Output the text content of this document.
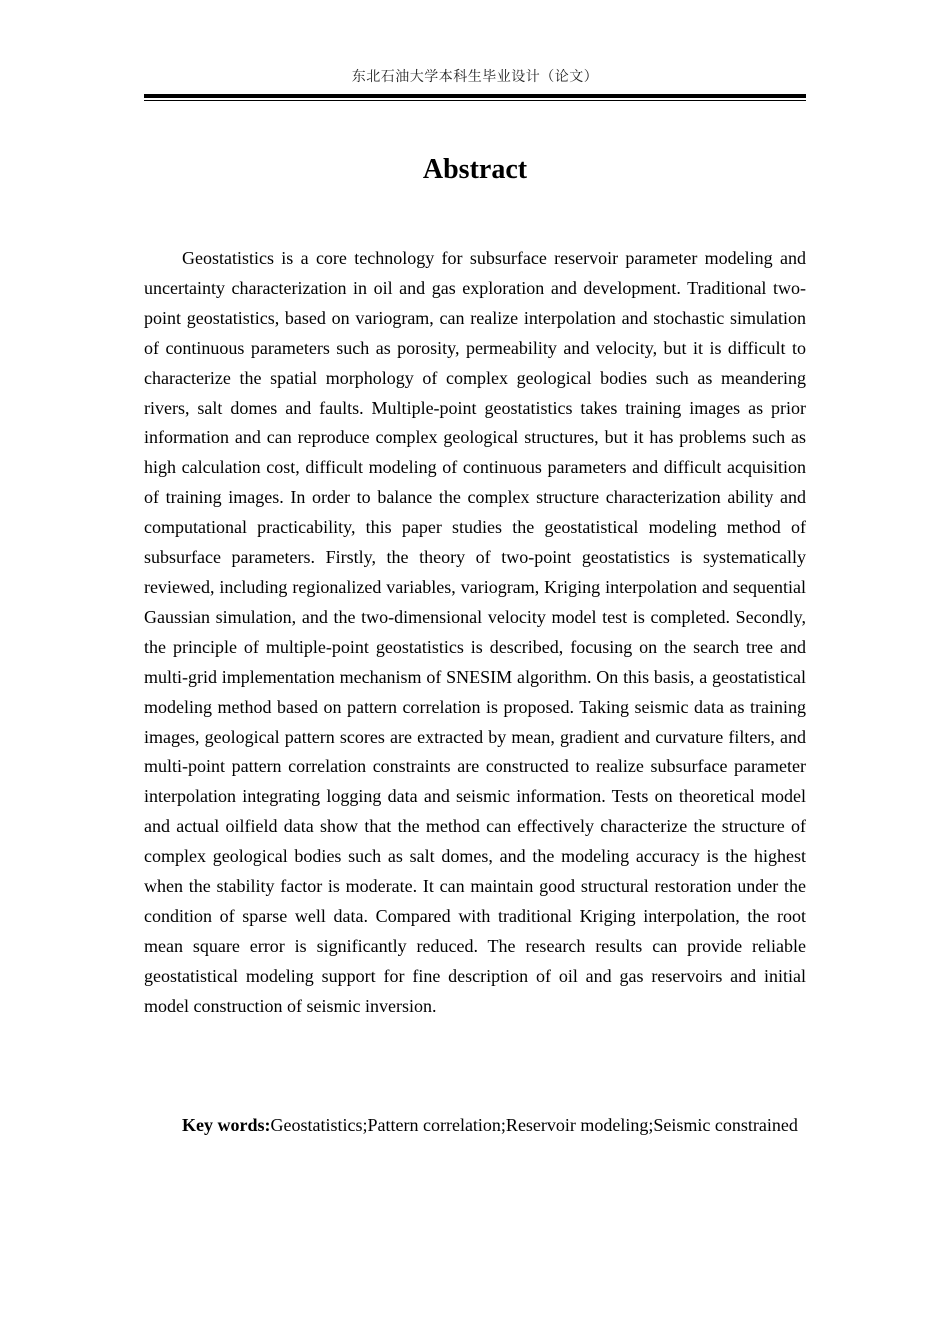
东北石油大学本科生毕业设计（论文）
Abstract

Geostatistics is a core technology for subsurface reservoir parameter modeling and uncertainty characterization in oil and gas exploration and development. Traditional two-point geostatistics, based on variogram, can realize interpolation and stochastic simulation of continuous parameters such as porosity, permeability and velocity, but it is difficult to characterize the spatial morphology of complex geological bodies such as meandering rivers, salt domes and faults. Multiple-point geostatistics takes training images as prior information and can reproduce complex geological structures, but it has problems such as high calculation cost, difficult modeling of continuous parameters and difficult acquisition of training images. In order to balance the complex structure characterization ability and computational practicability, this paper studies the geostatistical modeling method of subsurface parameters. Firstly, the theory of two-point geostatistics is systematically reviewed, including regionalized variables, variogram, Kriging interpolation and sequential Gaussian simulation, and the two-dimensional velocity model test is completed. Secondly, the principle of multiple-point geostatistics is described, focusing on the search tree and multi-grid implementation mechanism of SNESIM algorithm. On this basis, a geostatistical modeling method based on pattern correlation is proposed. Taking seismic data as training images, geological pattern scores are extracted by mean, gradient and curvature filters, and multi-point pattern correlation constraints are constructed to realize subsurface parameter interpolation integrating logging data and seismic information. Tests on theoretical model and actual oilfield data show that the method can effectively characterize the structure of complex geological bodies such as salt domes, and the modeling accuracy is the highest when the stability factor is moderate. It can maintain good structural restoration under the condition of sparse well data. Compared with traditional Kriging interpolation, the root mean square error is significantly reduced. The research results can provide reliable geostatistical modeling support for fine description of oil and gas reservoirs and initial model construction of seismic inversion.

Key words:Geostatistics;Pattern correlation;Reservoir modeling;Seismic constrained
